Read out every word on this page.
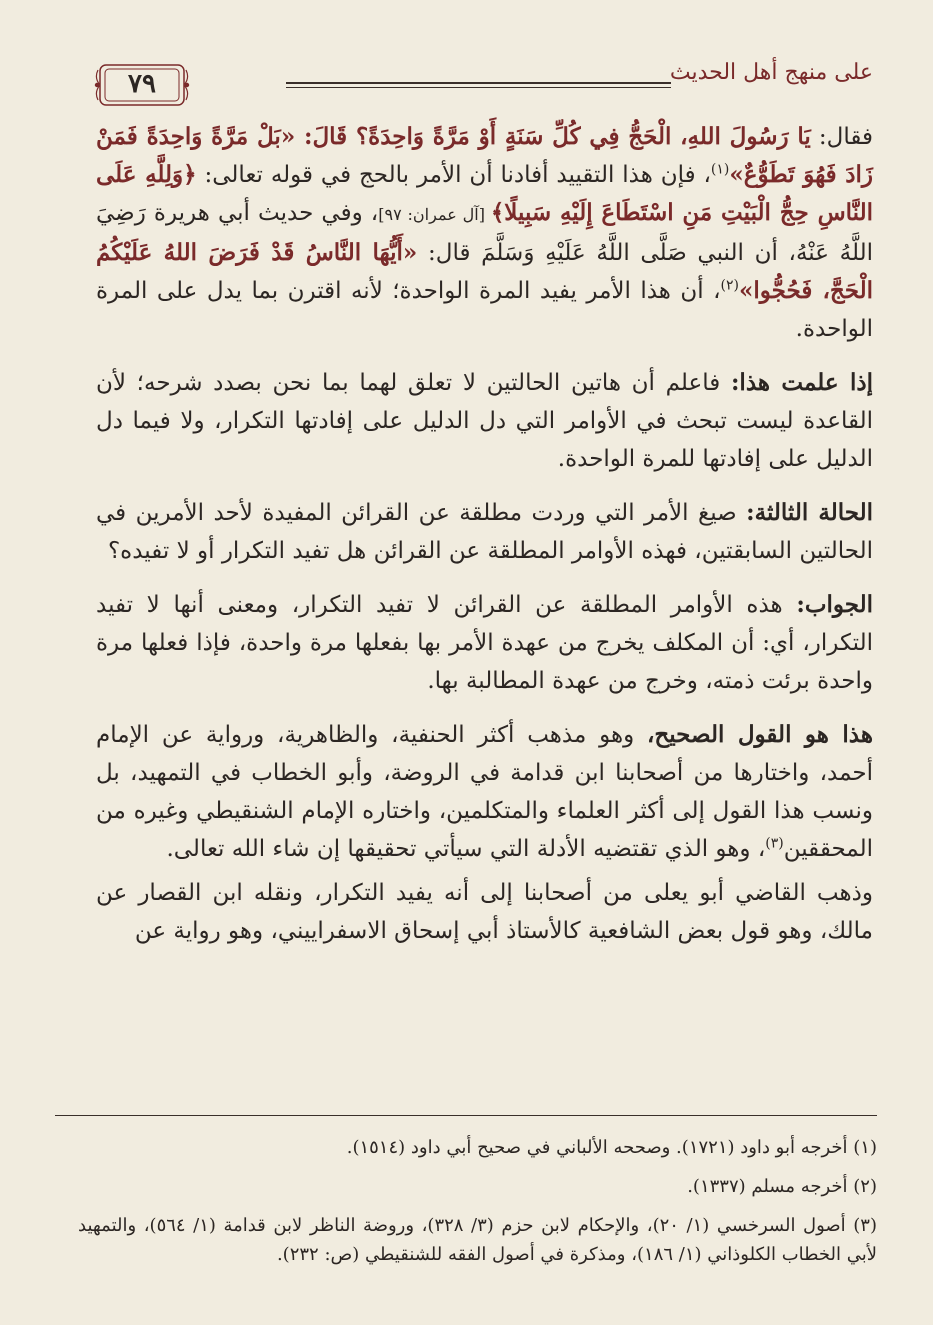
على منهج أهل الحديث
٧٩

فقال: يَا رَسُولَ اللهِ، الْحَجُّ فِي كُلِّ سَنَةٍ أَوْ مَرَّةً وَاحِدَةً؟ قَالَ: «بَلْ مَرَّةً وَاحِدَةً فَمَنْ زَادَ فَهُوَ تَطَوُّعٌ»$^{(١)}$، فإن هذا التقييد أفادنا أن الأمر بالحج في قوله تعالى: ﴿وَلِلَّهِ عَلَى النَّاسِ حِجُّ الْبَيْتِ مَنِ اسْتَطَاعَ إِلَيْهِ سَبِيلًا﴾ [آل عمران: ٩٧]، وفي حديث أبي هريرة رَضِيَ اللَّهُ عَنْهُ، أن النبي صَلَّى اللَّهُ عَلَيْهِ وَسَلَّمَ قال: «أَيُّهَا النَّاسُ قَدْ فَرَضَ اللهُ عَلَيْكُمُ الْحَجَّ، فَحُجُّوا»$^{(٢)}$، أن هذا الأمر يفيد المرة الواحدة؛ لأنه اقترن بما يدل على المرة الواحدة.

إذا علمت هذا: فاعلم أن هاتين الحالتين لا تعلق لهما بما نحن بصدد شرحه؛ لأن القاعدة ليست تبحث في الأوامر التي دل الدليل على إفادتها التكرار، ولا فيما دل الدليل على إفادتها للمرة الواحدة.

الحالة الثالثة: صيغ الأمر التي وردت مطلقة عن القرائن المفيدة لأحد الأمرين في الحالتين السابقتين، فهذه الأوامر المطلقة عن القرائن هل تفيد التكرار أو لا تفيده؟

الجواب: هذه الأوامر المطلقة عن القرائن لا تفيد التكرار، ومعنى أنها لا تفيد التكرار، أي: أن المكلف يخرج من عهدة الأمر بها بفعلها مرة واحدة، فإذا فعلها مرة واحدة برئت ذمته، وخرج من عهدة المطالبة بها.

هذا هو القول الصحيح، وهو مذهب أكثر الحنفية، والظاهرية، ورواية عن الإمام أحمد، واختارها من أصحابنا ابن قدامة في الروضة، وأبو الخطاب في التمهيد، بل ونسب هذا القول إلى أكثر العلماء والمتكلمين، واختاره الإمام الشنقيطي وغيره من المحققين$^{(٣)}$، وهو الذي تقتضيه الأدلة التي سيأتي تحقيقها إن شاء الله تعالى.

وذهب القاضي أبو يعلى من أصحابنا إلى أنه يفيد التكرار، ونقله ابن القصار عن مالك، وهو قول بعض الشافعية كالأستاذ أبي إسحاق الاسفراييني، وهو رواية عن

(١) أخرجه أبو داود (١٧٢١). وصححه الألباني في صحيح أبي داود (١٥١٤).

(٢) أخرجه مسلم (١٣٣٧).

(٣) أصول السرخسي (١/ ٢٠)، والإحكام لابن حزم (٣/ ٣٢٨)، وروضة الناظر لابن قدامة (١/ ٥٦٤)، والتمهيد لأبي الخطاب الكلوذاني (١/ ١٨٦)، ومذكرة في أصول الفقه للشنقيطي (ص: ٢٣٢).
